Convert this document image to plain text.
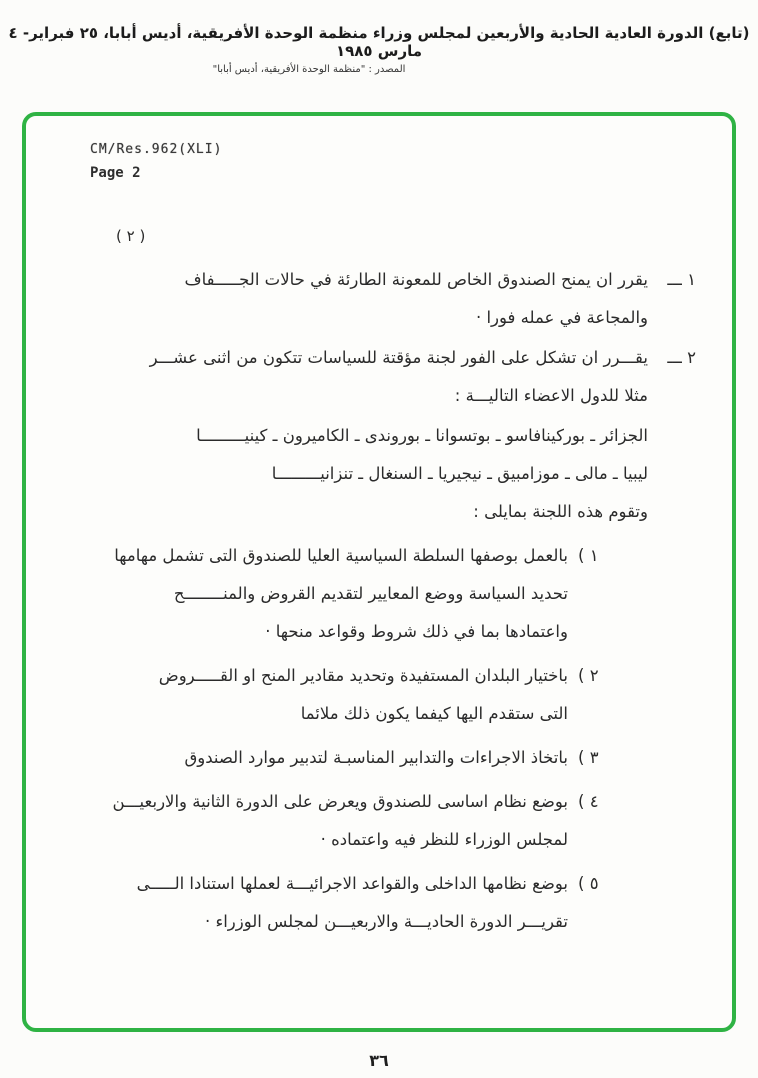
(تابع) الدورة العادية الحادية والأربعين لمجلس وزراء منظمة الوحدة الأفريقية، أديس أبابا، ٢٥ فبراير- ٤ مارس ١٩٨٥
المصدر : "منظمة الوحدة الأفريقية، أديس أبابا"
CM/Res.962(XLI)
Page 2
( ٢ )
١ ـــ
يقرر ان يمنح الصندوق الخاص للمعونة الطارئة في حالات الجـــــفاف
والمجاعة في عمله فورا ·
٢ ـــ
يقـــرر ان تشكل على الفور لجنة مؤقتة للسياسات تتكون من اثنى عشـــر
مثلا للدول الاعضاء التاليـــة :
الجزائر ـ بوركينافاسو ـ بوتسوانا ـ بوروندى ـ الكاميرون ـ كينيـــــــــا
ليبيا ـ مالى ـ موزامبيق ـ نيجيريا ـ السنغال ـ تنزانيـــــــــا
وتقوم هذه اللجنة بمايلى :
( ١
بالعمل بوصفها السلطة السياسية العليا للصندوق التى تشمل مهامها
تحديد السياسة ووضع المعايير لتقديم القروض والمنــــــــح
واعتمادها بما في ذلك شروط وقواعد منحها ·
( ٢
باختيار البلدان المستفيدة وتحديد مقادير المنح او القـــــروض
التى ستقدم اليها كيفما يكون ذلك ملائما
( ٣
باتخاذ الاجراءات والتدابير المناسبـة لتدبير موارد الصندوق
( ٤
بوضع نظام اساسى للصندوق ويعرض على الدورة الثانية والاربعيـــن
لمجلس الوزراء للنظر فيه واعتماده ·
( ٥
بوضع نظامها الداخلى والقواعد الاجرائيـــة لعملها استنادا الـــــى
تقريـــر الدورة الحاديـــة والاربعيـــن لمجلس الوزراء ·
٣٦
